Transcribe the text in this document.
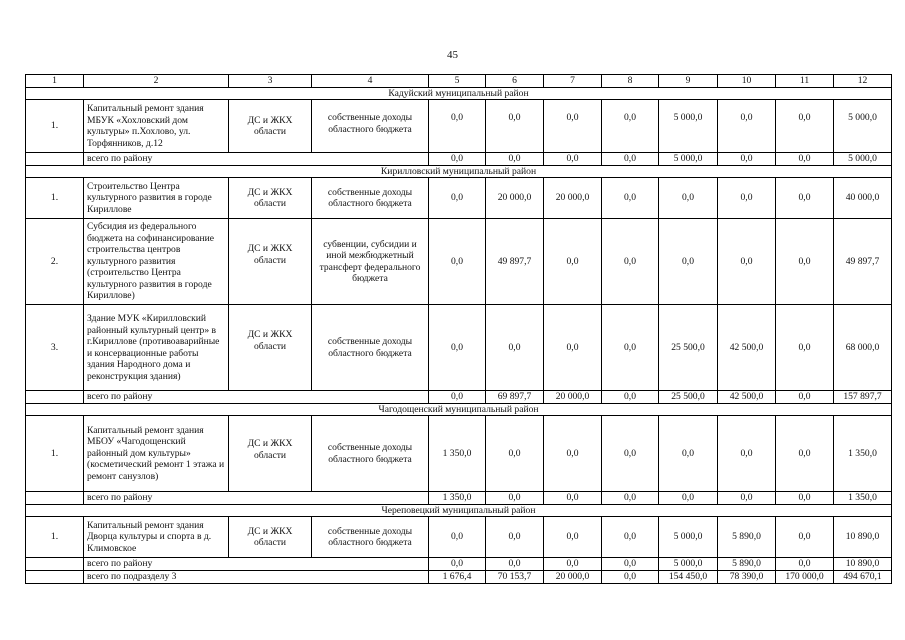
45
1	2	3	4	5	6	7	8	9	10	11	12
Кадуйский муниципальный район											
1.	Капитальный ремонт здания МБУК «Хохловский дом культуры» п.Хохлово, ул. Торфянников, д.12	ДС и ЖКХ области	собственные доходы областного бюджета	0,0	0,0	0,0	0,0	5 000,0	0,0	0,0	5 000,0
	всего по району			0,0	0,0	0,0	0,0	5 000,0	0,0	0,0	5 000,0
Кирилловский муниципальный район											
1.	Строительство Центра культурного развития в городе Кириллове	ДС и ЖКХ области	собственные доходы областного бюджета	0,0	20 000,0	20 000,0	0,0	0,0	0,0	0,0	40 000,0
2.	Субсидия из федерального бюджета на софинансирование строительства центров культурного развития (строительство Центра культурного развития в городе Кириллове)	ДС и ЖКХ области	субвенции, субсидии и иной межбюджетный трансферт федерального бюджета	0,0	49 897,7	0,0	0,0	0,0	0,0	0,0	49 897,7
3.	Здание МУК «Кирилловский районный культурный центр» в г.Кириллове (противоаварийные и консервационные работы здания Народного дома и реконструкция здания)	ДС и ЖКХ области	собственные доходы областного бюджета	0,0	0,0	0,0	0,0	25 500,0	42 500,0	0,0	68 000,0
	всего по району			0,0	69 897,7	20 000,0	0,0	25 500,0	42 500,0	0,0	157 897,7
Чагодощенский муниципальный район											
1.	Капитальный ремонт здания МБОУ «Чагодощенский районный дом культуры» (косметический ремонт 1 этажа и ремонт санузлов)	ДС и ЖКХ области	собственные доходы областного бюджета	1 350,0	0,0	0,0	0,0	0,0	0,0	0,0	1 350,0
	всего по району			1 350,0	0,0	0,0	0,0	0,0	0,0	0,0	1 350,0
Череповецкий муниципальный район											
1.	Капитальный ремонт здания Дворца культуры и спорта в д. Климовское	ДС и ЖКХ области	собственные доходы областного бюджета	0,0	0,0	0,0	0,0	5 000,0	5 890,0	0,0	10 890,0
	всего по району			0,0	0,0	0,0	0,0	5 000,0	5 890,0	0,0	10 890,0
	всего по подразделу 3			1 676,4	70 153,7	20 000,0	0,0	154 450,0	78 390,0	170 000,0	494 670,1
